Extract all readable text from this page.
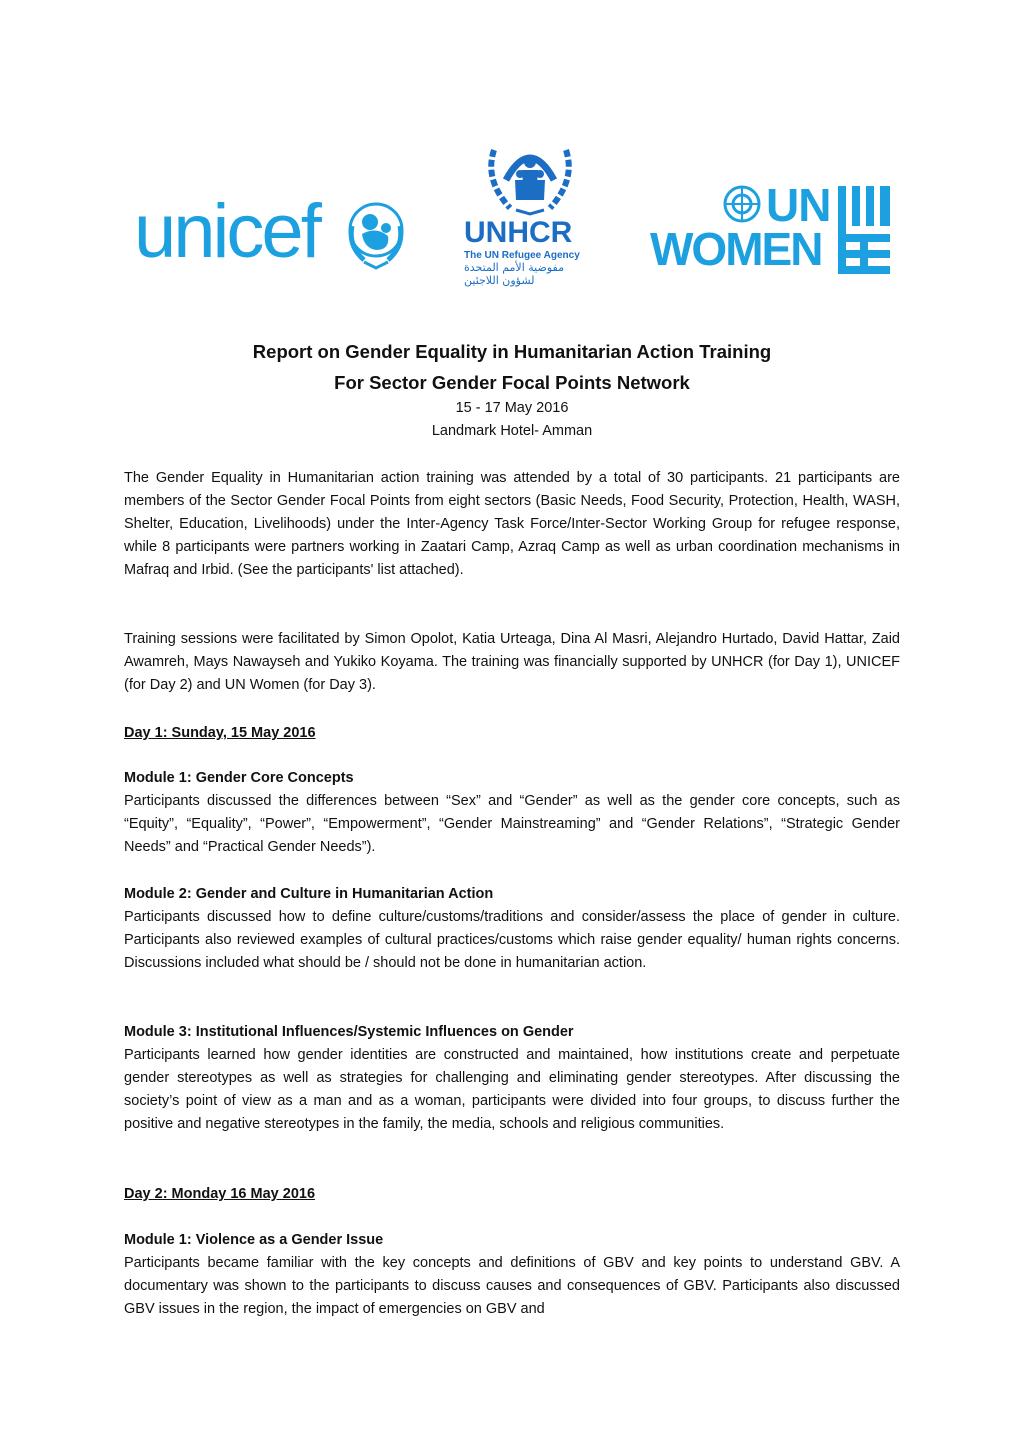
unicef	UNHCR
The UN Refugee Agency
مفوضية الأمم المتحدة لشؤون اللاجئين
UN
WOMEN
Report on Gender Equality in Humanitarian Action Training
For Sector Gender Focal Points Network
15 - 17 May 2016
Landmark Hotel- Amman

The Gender Equality in Humanitarian action training was attended by a total of 30 participants. 21 participants are members of the Sector Gender Focal Points from eight sectors (Basic Needs, Food Security, Protection, Health, WASH, Shelter, Education, Livelihoods) under the Inter-Agency Task Force/Inter-Sector Working Group for refugee response, while 8 participants were partners working in Zaatari Camp, Azraq Camp as well as urban coordination mechanisms in Mafraq and Irbid. (See the participants' list attached).

Training sessions were facilitated by Simon Opolot, Katia Urteaga, Dina Al Masri, Alejandro Hurtado, David Hattar, Zaid Awamreh, Mays Nawayseh and Yukiko Koyama. The training was financially supported by UNHCR (for Day 1), UNICEF (for Day 2) and UN Women (for Day 3).

Day 1: Sunday, 15 May 2016

Module 1: Gender Core Concepts

Participants discussed the differences between “Sex” and “Gender” as well as the gender core concepts, such as “Equity”, “Equality”, “Power”, “Empowerment”, “Gender Mainstreaming” and “Gender Relations”, “Strategic Gender Needs” and “Practical Gender Needs”).

Module 2: Gender and Culture in Humanitarian Action

Participants discussed how to define culture/customs/traditions and consider/assess the place of gender in culture. Participants also reviewed examples of cultural practices/customs which raise gender equality/ human rights concerns. Discussions included what should be / should not be done in humanitarian action.

Module 3: Institutional Influences/Systemic Influences on Gender

Participants learned how gender identities are constructed and maintained, how institutions create and perpetuate gender stereotypes as well as strategies for challenging and eliminating gender stereotypes. After discussing the society’s point of view as a man and as a woman, participants were divided into four groups, to discuss further the positive and negative stereotypes in the family, the media, schools and religious communities.

Day 2: Monday 16 May 2016

Module 1: Violence as a Gender Issue

Participants became familiar with the key concepts and definitions of GBV and key points to understand GBV. A documentary was shown to the participants to discuss causes and consequences of GBV. Participants also discussed GBV issues in the region, the impact of emergencies on GBV and
